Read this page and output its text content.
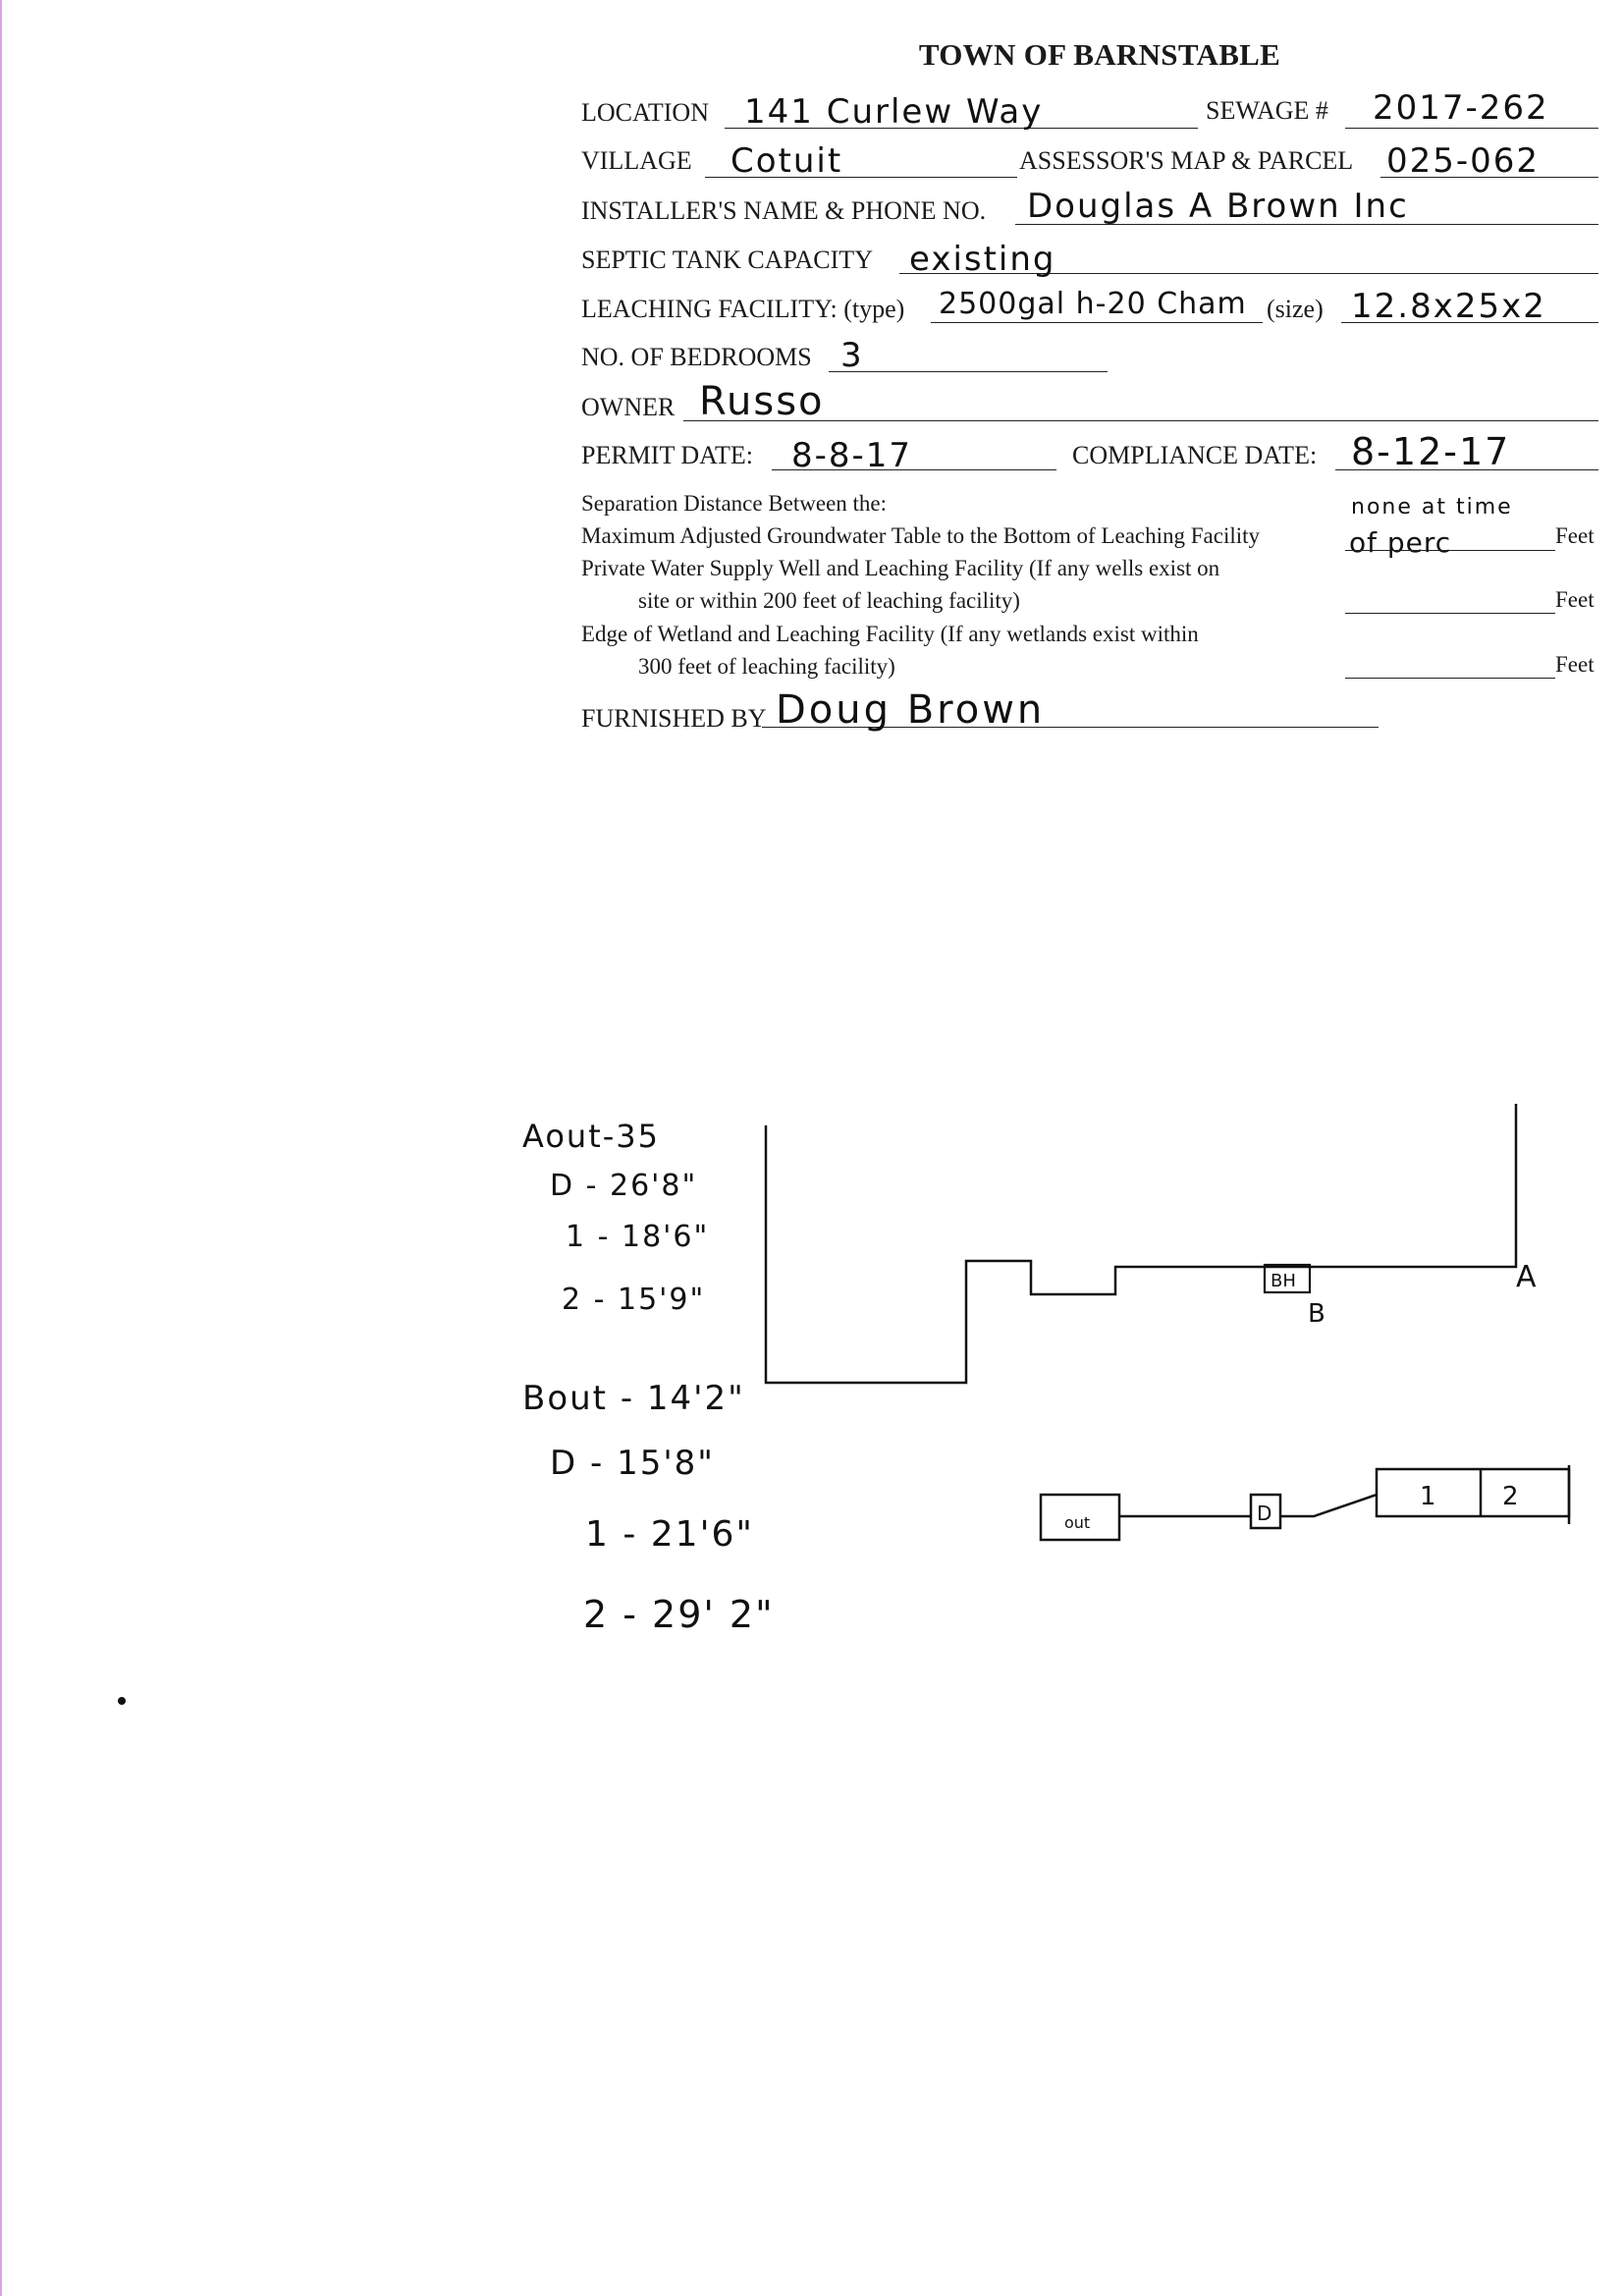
TOWN OF BARNSTABLE
LOCATION 141 Curlew Way	SEWAGE # 2017-262
VILLAGE Cotuit	ASSESSOR'S MAP & PARCEL 025-062
INSTALLER'S NAME & PHONE NO. Douglas A Brown Inc
SEPTIC TANK CAPACITY existing
LEACHING FACILITY: (type) 2500gal h-20 Cham (size) 12.8x25x2
NO. OF BEDROOMS 3
OWNER Russo
PERMIT DATE: 8-8-17	COMPLIANCE DATE: 8-12-17
Separation Distance Between the:
Maximum Adjusted Groundwater Table to the Bottom of Leaching Facility
none at time
of perc	Feet
Private Water Supply Well and Leaching Facility (If any wells exist on
site or within 200 feet of leaching facility)	Feet
Edge of Wetland and Leaching Facility (If any wetlands exist within
300 feet of leaching facility)	Feet
FURNISHED BY Doug Brown
Aout-35
D - 26'8"
1 - 18'6"
2 - 15'9"
Bout - 14'2"
D - 15'8"
1 - 21'6"
2 - 29' 2"
A
B
BH
out	D
1	2
